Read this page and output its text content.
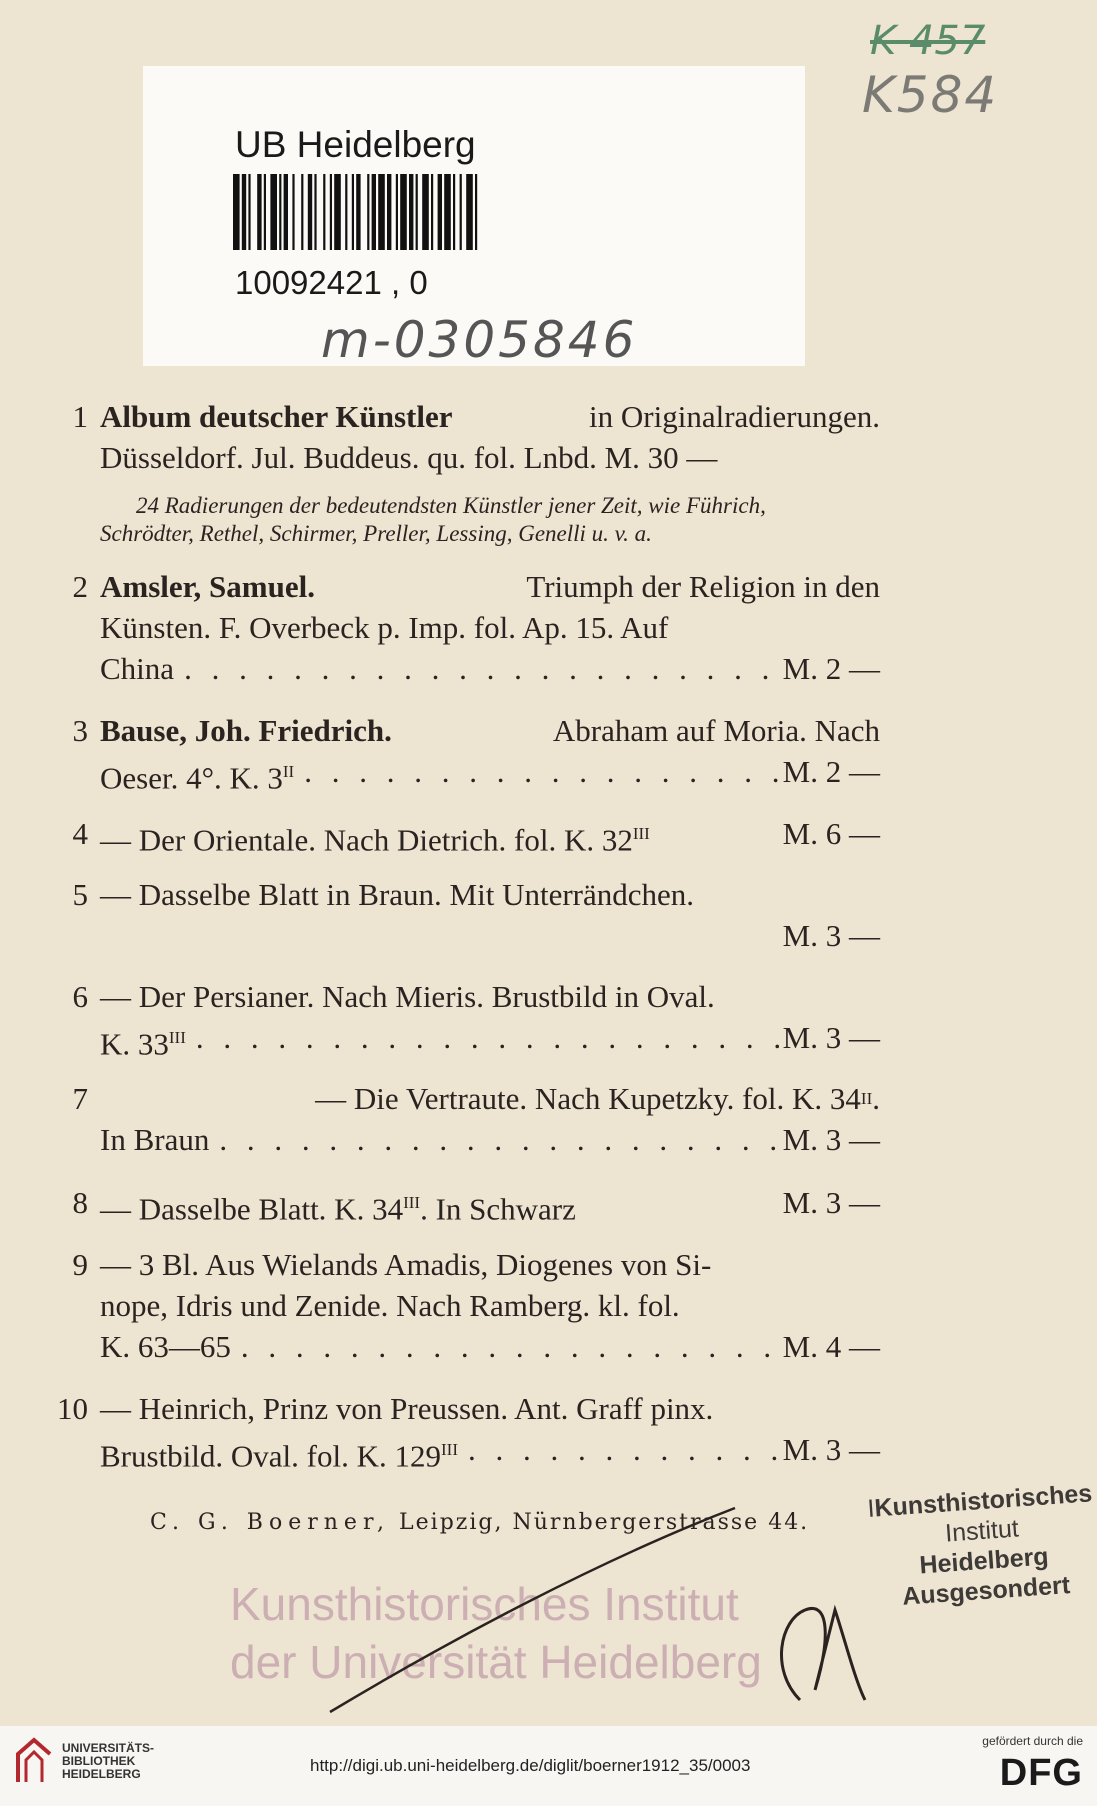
K 457
K584
UB Heidelberg
10092421 , 0
m-0305846
1 Album deutscher Künstler	in Originalradierungen.
Düsseldorf. Jul. Buddeus. qu. fol. Lnbd. M. 30 —
24 Radierungen der bedeutendsten Künstler jener Zeit, wie Führich,
Schrödter, Rethel, Schirmer, Preller, Lessing, Genelli u. v. a.
2 Amsler, Samuel.	Triumph der Religion in den
Künsten. F. Overbeck p. Imp. fol. Ap. 15. Auf
China . . .	M. 2 —
3 Bause, Joh. Friedrich.	Abraham auf Moria. Nach
Oeser. 4°. K. $3^{II}$ . . .	M. 2 —
4 — Der Orientale. Nach Dietrich. fol. K. $32^{III}$	M. 6 —
5 — Dasselbe Blatt in Braun. Mit Unterrändchen.
M. 3 —
6 — Der Persianer. Nach Mieris. Brustbild in Oval.
K. $33^{III}$ . . .	M. 3 —
7	— Die Vertraute. Nach Kupetzky. fol. K. 34 II .
In Braun . . .	M. 3 —
8 — Dasselbe Blatt. K. $34^{III}$. In Schwarz	M. 3 —
9 — 3 Bl. Aus Wielands Amadis, Diogenes von Si-
nope, Idris und Zenide. Nach Ramberg. kl. fol.
K. 63—65 . . .	M. 4 —
10 — Heinrich, Prinz von Preussen. Ant. Graff pinx.
Brustbild. Oval. fol. K. $129^{III}$ . . .	M. 3 —
C. G. Boerner, Leipzig, Nürnbergerstrasse 44. IKunsthistorisches
Institut
Heidelberg
Ausgesondert
Kunsthistorisches Institut
der Universität Heidelberg
UNIVERSITÄTS-
BIBLIOTHEK
HEIDELBERG	http://digi.ub.uni-heidelberg.de/diglit/boerner1912_35/0003
gefördert durch die
DFG
